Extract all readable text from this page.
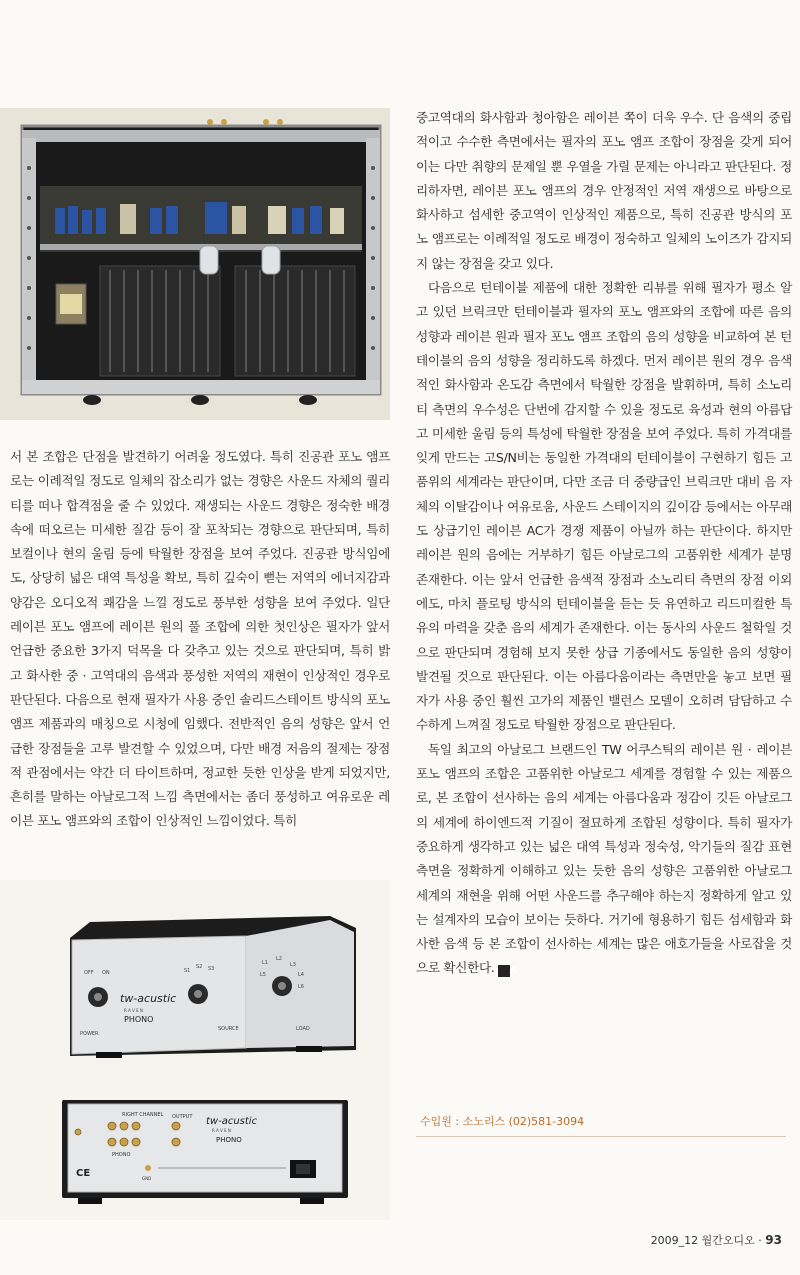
서 본 조합은 단점을 발견하기 어려울 정도였다. 특히 진공관 포노 앰프로는 이례적일 정도로 일체의 잡소리가 없는 경향은 사운드 자체의 퀄리티를 떠나 합격점을 줄 수 있었다. 재생되는 사운드 경향은 정숙한 배경 속에 떠오르는 미세한 질감 등이 잘 포착되는 경향으로 판단되며, 특히 보컬이나 현의 울림 등에 탁월한 장점을 보여 주었다. 진공관 방식임에도, 상당히 넓은 대역 특성을 확보, 특히 깊숙이 뻗는 저역의 에너지감과 양감은 오디오적 쾌감을 느낄 정도로 풍부한 성향을 보여 주었다. 일단 레이븐 포노 앰프에 레이븐 원의 풀 조합에 의한 첫인상은 필자가 앞서 언급한 중요한 3가지 덕목을 다 갖추고 있는 것으로 판단되며, 특히 밝고 화사한 중 · 고역대의 음색과 풍성한 저역의 재현이 인상적인 경우로 판단된다. 다음으로 현재 필자가 사용 중인 솔리드스테이트 방식의 포노 앰프 제품과의 매칭으로 시청에 임했다. 전반적인 음의 성향은 앞서 언급한 장점들을 고루 발견할 수 있었으며, 다만 배경 저음의 절제는 장점적 관점에서는 약간 더 타이트하며, 정교한 듯한 인상을 받게 되었지만, 흔히를 말하는 아날로그적 느낌 측면에서는 좀더 풍성하고 여유로운 레이븐 포노 앰프와의 조합이 인상적인 느낌이었다. 특히

중고역대의 화사함과 청아함은 레이븐 쪽이 더욱 우수. 단 음색의 중립적이고 수수한 측면에서는 필자의 포노 앰프 조합이 장점을 갖게 되어 이는 다만 취향의 문제일 뿐 우열을 가릴 문제는 아니라고 판단된다. 정리하자면, 레이븐 포노 앰프의 경우 안정적인 저역 재생으로 바탕으로 화사하고 섬세한 중고역이 인상적인 제품으로, 특히 진공관 방식의 포노 앰프로는 이례적일 정도로 배경이 정숙하고 일체의 노이즈가 감지되지 않는 장점을 갖고 있다.

다음으로 턴테이블 제품에 대한 정확한 리뷰를 위해 필자가 평소 알고 있던 브릭크만 턴테이블과 필자의 포노 앰프와의 조합에 따른 음의 성향과 레이븐 원과 필자 포노 앰프 조합의 음의 성향을 비교하여 본 턴테이블의 음의 성향을 정리하도록 하겠다. 먼저 레이븐 원의 경우 음색적인 화사함과 온도감 측면에서 탁월한 강점을 발휘하며, 특히 소노리티 측면의 우수성은 단번에 감지할 수 있을 정도로 육성과 현의 아름답고 미세한 울림 등의 특성에 탁월한 장점을 보여 주었다. 특히 가격대를 잊게 만드는 고S/N비는 동일한 가격대의 턴테이블이 구현하기 힘든 고품위의 세계라는 판단이며, 다만 조금 더 중량급인 브릭크만 대비 음 자체의 이탈감이나 여유로움, 사운드 스테이지의 깊이감 등에서는 아무래도 상급기인 레이븐 AC가 경쟁 제품이 아닐까 하는 판단이다. 하지만 레이븐 원의 음에는 거부하기 힘든 아날로그의 고품위한 세계가 분명 존재한다. 이는 앞서 언급한 음색적 장점과 소노리티 측면의 장점 이외에도, 마치 플로팅 방식의 턴테이블을 듣는 듯 유연하고 리드미컬한 특유의 마력을 갖춘 음의 세계가 존재한다. 이는 동사의 사운드 철학일 것으로 판단되며 경험해 보지 못한 상급 기종에서도 동일한 음의 성향이 발견될 것으로 판단된다. 이는 아름다움이라는 측면만을 놓고 보면 필자가 사용 중인 훨씬 고가의 제품인 밸런스 모델이 오히려 담담하고 수수하게 느껴질 정도로 탁월한 장점으로 판단된다.

독일 최고의 아날로그 브랜드인 TW 어쿠스틱의 레이븐 원 · 레이븐 포노 앰프의 조합은 고품위한 아날로그 세계를 경험할 수 있는 제품으로, 본 조합이 선사하는 음의 세계는 아름다움과 정감이 깃든 아날로그의 세계에 하이엔드적 기질이 절묘하게 조합된 성향이다. 특히 필자가 중요하게 생각하고 있는 넓은 대역 특성과 정숙성, 악기들의 질감 표현 측면을 정확하게 이해하고 있는 듯한 음의 성향은 고품위한 아날로그 세계의 재현을 위해 어떤 사운드를 추구해야 하는지 정확하게 알고 있는 설계자의 모습이 보이는 듯하다. 거기에 형용하기 힘든 섬세함과 화사한 음색 등 본 조합이 선사하는 세계는 많은 애호가들을 사로잡을 것으로 확신한다. A

OFF ON
POWER
tw-acustic
R A V E N
PHONO
S1
S2 S3
SOURCE
L1
L2
L3
L4
L5
L6
LOAD
RIGHT CHANNEL OUTPUT
PHONO
tw-acustic
R A V E N
PHONO
CE	GND
수입원 : 소노리스 (02)581-3094
2009_12 월간오디오 · 93
